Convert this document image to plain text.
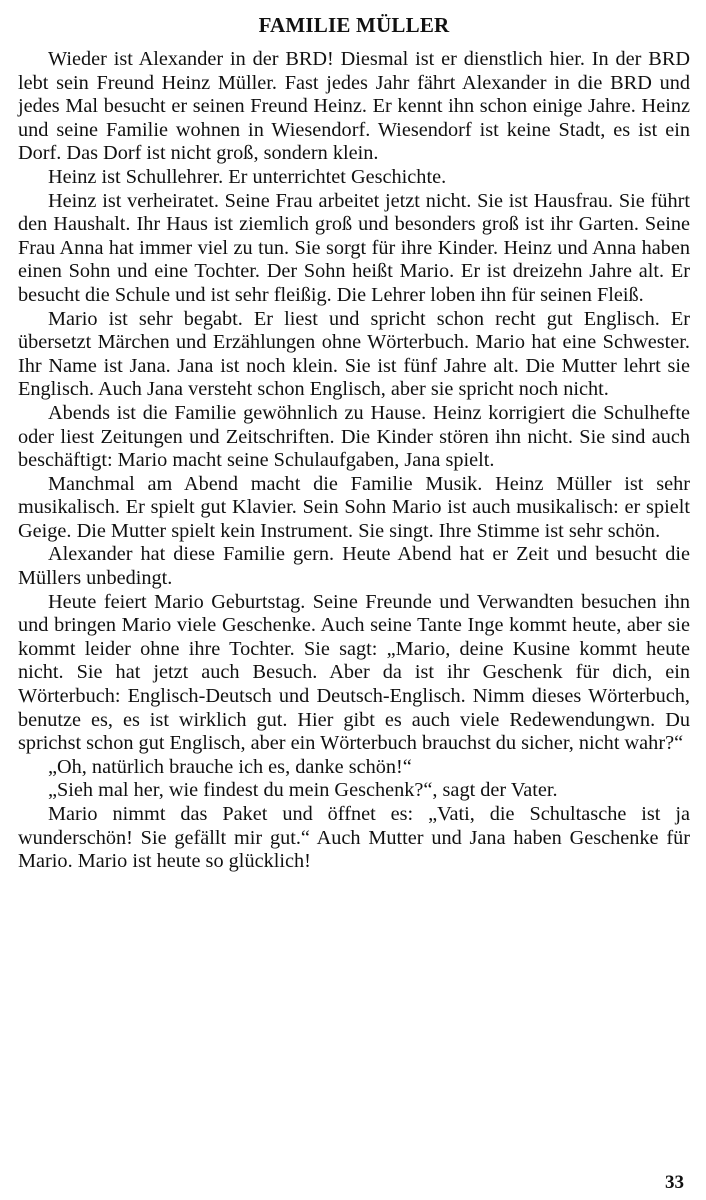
FAMILIE MÜLLER

Wieder ist Alexander in der BRD! Diesmal ist er dienstlich hier. In der BRD lebt sein Freund Heinz Müller. Fast jedes Jahr fährt Alexander in die BRD und jedes Mal besucht er seinen Freund Heinz. Er kennt ihn schon einige Jahre. Heinz und seine Familie wohnen in Wiesendorf. Wiesendorf ist keine Stadt, es ist ein Dorf. Das Dorf ist nicht groß, sondern klein.

Heinz ist Schullehrer. Er unterrichtet Geschichte.

Heinz ist verheiratet. Seine Frau arbeitet jetzt nicht. Sie ist Hausfrau. Sie führt den Haushalt. Ihr Haus ist ziemlich groß und besonders groß ist ihr Garten. Seine Frau Anna hat immer viel zu tun. Sie sorgt für ihre Kinder. Heinz und Anna haben einen Sohn und eine Tochter. Der Sohn heißt Mario. Er ist dreizehn Jahre alt. Er besucht die Schule und ist sehr fleißig. Die Lehrer loben ihn für seinen Fleiß.

Mario ist sehr begabt. Er liest und spricht schon recht gut Englisch. Er übersetzt Märchen und Erzählungen ohne Wörterbuch. Mario hat eine Schwester. Ihr Name ist Jana. Jana ist noch klein. Sie ist fünf Jahre alt. Die Mutter lehrt sie Englisch. Auch Jana versteht schon Englisch, aber sie spricht noch nicht.

Abends ist die Familie gewöhnlich zu Hause. Heinz korrigiert die Schulhefte oder liest Zeitungen und Zeitschriften. Die Kinder stören ihn nicht. Sie sind auch beschäftigt: Mario macht seine Schulaufgaben, Jana spielt.

Manchmal am Abend macht die Familie Musik. Heinz Müller ist sehr musikalisch. Er spielt gut Klavier. Sein Sohn Mario ist auch musikalisch: er spielt Geige. Die Mutter spielt kein Instrument. Sie singt. Ihre Stimme ist sehr schön.

Alexander hat diese Familie gern. Heute Abend hat er Zeit und besucht die Müllers unbedingt.

Heute feiert Mario Geburtstag. Seine Freunde und Verwandten besuchen ihn und bringen Mario viele Geschenke. Auch seine Tante Inge kommt heute, aber sie kommt leider ohne ihre Tochter. Sie sagt: „Mario, deine Kusine kommt heute nicht. Sie hat jetzt auch Besuch. Aber da ist ihr Geschenk für dich, ein Wörterbuch: Englisch-Deutsch und Deutsch-Englisch. Nimm dieses Wörterbuch, benutze es, es ist wirklich gut. Hier gibt es auch viele Redewendungwn. Du sprichst schon gut Englisch, aber ein Wörterbuch brauchst du sicher, nicht wahr?“

„Oh, natürlich brauche ich es, danke schön!“

„Sieh mal her, wie findest du mein Geschenk?“, sagt der Vater.

Mario nimmt das Paket und öffnet es: „Vati, die Schultasche ist ja wunderschön! Sie gefällt mir gut.“ Auch Mutter und Jana haben Geschenke für Mario. Mario ist heute so glücklich!

33
